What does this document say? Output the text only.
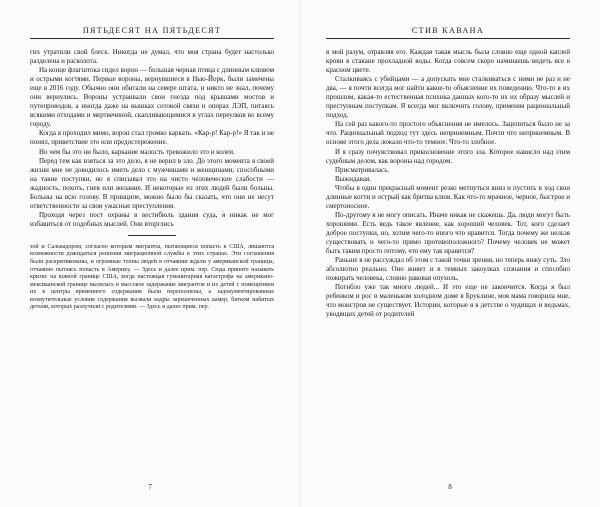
ПЯТЬДЕСЯТ НА ПЯТЬДЕСЯТ

гих утратили свой блеск. Никогда не думал, что моя страна будет настолько разделена и расколота.

На конце флагштока сидел ворон — большая черная птица с длинным клювом и острыми когтями. Первые вороны, вернувшиеся в Нью-Йорк, были замечены еще в 2016 году. Обычно они обитали на севере штата, и никто не знал, почему они вернулись. Вороны устраивали свои гнезда под крышами мостов и путепроводов, а иногда даже на вышках сотовой связи и опорах ЛЭП, питаясь всякими отходами и мертвечиной, скапливающимися в углах переулков во всему городу.

Когда я проходил мимо, ворон стал громко каркать. «Кар-р! Кар-р!» Я так и не понял, приветствие это или предостережение.

Но чем бы это ни было, каркание малость тревожило это и колеи.

Перед тем как взяться за это дело, я не верил в зло. До этого момента я своей жизни мне не доводилось иметь дело с мужчинами и женщинами, способными на такие поступки, но я списывал это на чисто человеческие слабости — жадность, похоть, гнев или желание. И некоторые из этих людей были больны. Больны на всю голову. В принципе, можно было бы сказать, что они не несут ответственности за свои ужасные преступления.

Проходя через пост охраны в вестибюль здания суда, я никак не мог избавиться от подобных мыслей. Они вторглись

зой и Сальвадором, согласно которым мигранты, пытающиеся попасть в США, лишаются возможности дожидаться решения миграционной службы в этих странах. Эти соглашения были раскритикованы, и огромные толпы людей в отчаянии ждали у американской границы, отчаянно пытаясь попасть в Америку. — Здесь и далее прим. пер. Сюда принято называть кризис на южной границе США, когда настоящая гуманитарная катастрофа на американо-мексиканской границе вылилась в массовое задержание мигрантов и их детей с помещением их в центры временного содержания были переполнены, а задокументированные возмутительные условия содержания вызвали кадры зарешеченных камер, битком набитых детьми, которых разлучили с родителями. — Здесь и далее прим. пер.
7
СТИВ КАВАНА

в мой разум, отравляя его. Каждая такая мысль была словно еще одной каплей крови в стакане прохладной воды. Когда совсем скоро начинаешь видеть все в красном цвете.

Сталкиваясь с убийцами — а допускать мне сталкиваться с ними не раз и не два, — я почти всегда мог найти какое-то объяснение их поведению. Что-то в их прошлом, какая-то естественная психика данных кого-то их их образу мыслей и преступным поступкам. Я всегда мог включить голову, применяя рациональный подход.

На сей раз какого-то простого объяснения не имелось. Зацепиться было не за что. Рациональный подход тут здесь непринемным. Почти что непринемным. В основе этого дела лежало что-то темное. Что-то злобное.

И я сразу почувствовал прикосновение этого зла. Которое нависло над этим судебным делом, как вороны над городом.

Присматривалась.

Выжидавая.

Чтобы в один прекрасный момент резко метнуться вниз и пустить в ход свои длинные когти и острый как бритва клюв. Как что-то мрачное, черное, быстрое и смертоносное.

По-другому я не могу описать. Иначе никак не скажешь. Да, люди могут быть хорошими. Есть ведь такое явление, как хороший человек. Тот, кого сделает доброе поступки, но, хотим чего-то иного что нравится. Тогда почему же нельзя существовать и чего-то прямо противоположного? Почему человек не может быть таким просто потому, что ему так нравится?

Раньше я не рассуждал об этом с такой точки зрения, но теперь вижу суть. Зло абсолютно реально. Оно живет и в темных закоулках сознания и способно пожирать человека, словно раковая опухоль.

Погибло уже так много людей... И это еще не закончится. Когда я был ребенком и рос в маленьком холодном доме в Бруклине, моя мама говорила мне, что монстров не существует. Истории, которые я в детстве о чудищах и ведьмах, уводящих детей от родителей

8
